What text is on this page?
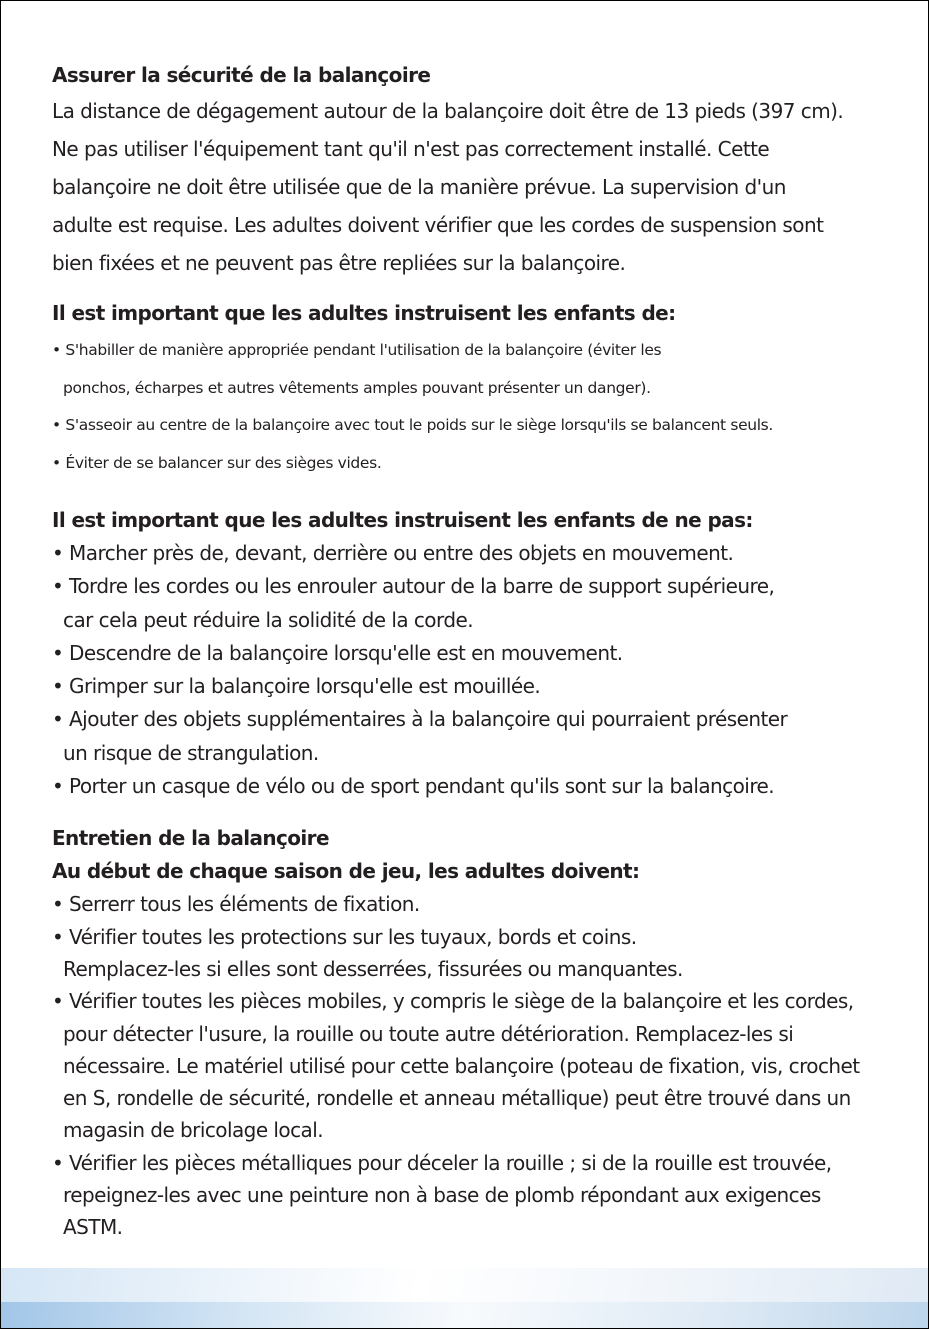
Assurer la sécurité de la balançoire
La distance de dégagement autour de la balançoire doit être de 13 pieds (397 cm).
Ne pas utiliser l'équipement tant qu'il n'est pas correctement installé. Cette
balançoire ne doit être utilisée que de la manière prévue. La supervision d'un
adulte est requise. Les adultes doivent vérifier que les cordes de suspension sont
bien fixées et ne peuvent pas être repliées sur la balançoire.
Il est important que les adultes instruisent les enfants de:
• S'habiller de manière appropriée pendant l'utilisation de la balançoire (éviter les
ponchos, écharpes et autres vêtements amples pouvant présenter un danger).
• S'asseoir au centre de la balançoire avec tout le poids sur le siège lorsqu'ils se balancent seuls.
• Éviter de se balancer sur des sièges vides.
Il est important que les adultes instruisent les enfants de ne pas:
• Marcher près de, devant, derrière ou entre des objets en mouvement.
• Tordre les cordes ou les enrouler autour de la barre de support supérieure,
car cela peut réduire la solidité de la corde.
• Descendre de la balançoire lorsqu'elle est en mouvement.
• Grimper sur la balançoire lorsqu'elle est mouillée.
• Ajouter des objets supplémentaires à la balançoire qui pourraient présenter
un risque de strangulation.
• Porter un casque de vélo ou de sport pendant qu'ils sont sur la balançoire.
Entretien de la balançoire
Au début de chaque saison de jeu, les adultes doivent:
• Serrerr tous les éléments de fixation.
• Vérifier toutes les protections sur les tuyaux, bords et coins.
Remplacez-les si elles sont desserrées, fissurées ou manquantes.
• Vérifier toutes les pièces mobiles, y compris le siège de la balançoire et les cordes,
pour détecter l'usure, la rouille ou toute autre détérioration. Remplacez-les si
nécessaire. Le matériel utilisé pour cette balançoire (poteau de fixation, vis, crochet
en S, rondelle de sécurité, rondelle et anneau métallique) peut être trouvé dans un
magasin de bricolage local.
• Vérifier les pièces métalliques pour déceler la rouille ; si de la rouille est trouvée,
repeignez-les avec une peinture non à base de plomb répondant aux exigences
ASTM.
